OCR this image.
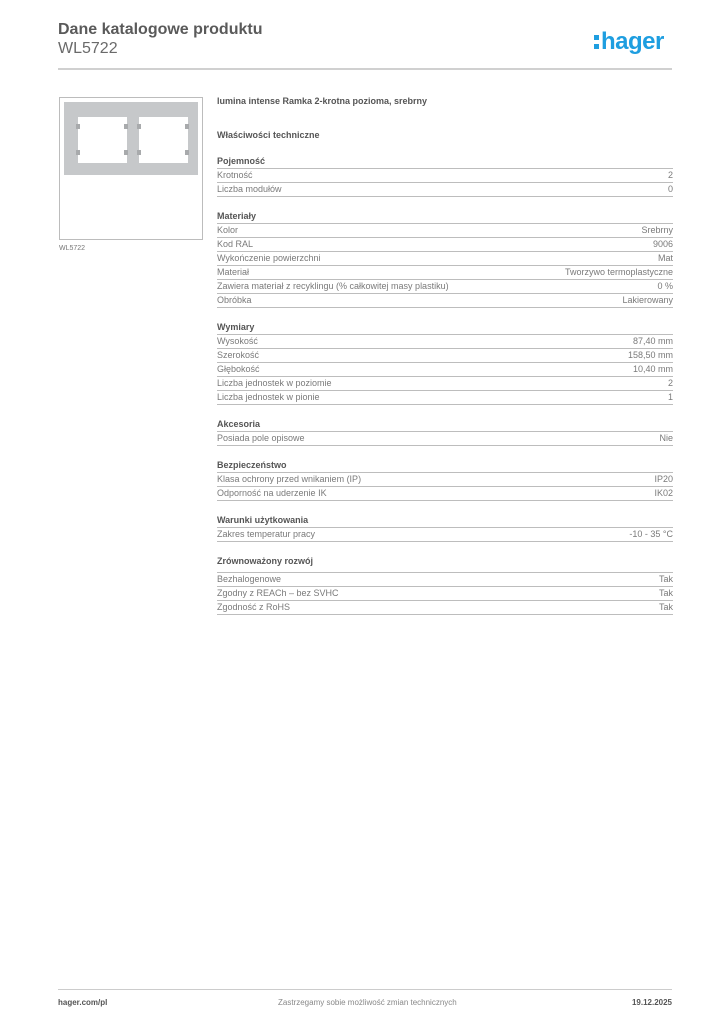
Dane katalogowe produktu
WL5722	hager
WL5722
lumina intense Ramka 2-krotna pozioma, srebrny
Właściwości techniczne
Pojemność
Krotność	2
Liczba modułów	0
Materiały
Kolor	Srebrny
Kod RAL	9006
Wykończenie powierzchni	Mat
Materiał	Tworzywo termoplastyczne
Zawiera materiał z recyklingu (% całkowitej masy plastiku)	0 %
Obróbka	Lakierowany
Wymiary
Wysokość	87,40 mm
Szerokość	158,50 mm
Głębokość	10,40 mm
Liczba jednostek w poziomie	2
Liczba jednostek w pionie	1
Akcesoria
Posiada pole opisowe	Nie
Bezpieczeństwo
Klasa ochrony przed wnikaniem (IP)	IP20
Odporność na uderzenie IK	IK02
Warunki użytkowania
Zakres temperatur pracy	-10 - 35 °C
Zrównoważony rozwój
Bezhalogenowe	Tak
Zgodny z REACh – bez SVHC	Tak
Zgodność z RoHS	Tak
hager.com/pl	Zastrzegamy sobie możliwość zmian technicznych	19.12.2025
